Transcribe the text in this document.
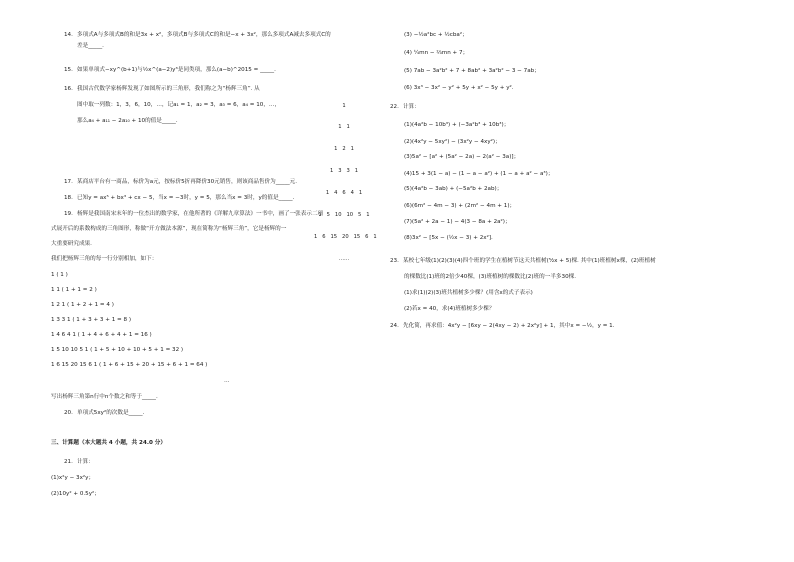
14. 多项式A与多项式B的和是3x + x²，多项式B与多项式C的和是−x + 3x²，那么多项式A减去多项式C的
差是_____.
15. 如果单项式−xy^(b+1)与½x^(a−2)y³是同类项，那么(a−b)^2015 = _____.
16. 我国古代数学家杨辉发现了如图所示的三角形，我们称之为“杨辉三角”. 从
图中取一列数：1，3，6，10，…，记a₁ = 1，a₂ = 3，a₃ = 6，a₄ = 10，…，
那么a₄ + a₁₁ − 2a₁₀ + 10的值是_____.

1

1   1

1   2   1

1   3   3   1

1   4   6   4   1

1   5   10   10   5   1

1   6   15   20   15   6   1

……

17. 某商店平台有一商品，标价为a元，按标价5折再降价30元销售，则该商品售价为_____元.
18. 已知y = ax⁵ + bx³ + cx − 5，当x = −3时，y = 5，那么当x = 3时，y的值是_____.
19. 杨辉是我国南宋末年的一位杰出的数学家，在他所著的《详解九章算法》一书中，画了一张表示二项
式展开后的系数构成的三角图形，称做“开方做法本源”，现在简称为“杨辉三角”，它是杨辉的一
大重要研究成果.
我们把杨辉三角的每一行分别相加，如下：
1 ( 1 )
1 1 ( 1 + 1 = 2 )
1 2 1 ( 1 + 2 + 1 = 4 )
1 3 3 1 ( 1 + 3 + 3 + 1 = 8 )
1 4 6 4 1 ( 1 + 4 + 6 + 4 + 1 = 16 )
1 5 10 10 5 1 ( 1 + 5 + 10 + 10 + 5 + 1 = 32 )
1 6 15 20 15 6 1 ( 1 + 6 + 15 + 20 + 15 + 6 + 1 = 64 )
…
写出杨辉三角第n行中n个数之和等于_____.
20. 单项式5xy²的次数是_____.
三、计算题（本大题共 4 小题，共 24.0 分）
21. 计算：
(1)x²y − 3x²y；
(2)10y² + 0.5y²；
(3) −½a²bc + ½cba²；
(4) ¼mn − ⅔mn + 7；
(5) 7ab − 3a²b² + 7 + 8ab² + 3a²b² − 3 − 7ab；
(6) 3x³ − 3x² − y² + 5y + x² − 5y + y².
22. 计算：
(1)(4a²b − 10b³) + (−3a²b³ + 10b³)；
(2)(4x²y − 5xy²) − (3x²y − 4xy²)；
(3)5a² − [a² + (5a² − 2a) − 2(a² − 3a)]；
(4)15 + 3(1 − a) − (1 − a − a²) + (1 − a + a² − a³)；
(5)(4a²b − 3ab) + (−5a²b + 2ab)；
(6)(6m² − 4m − 3) + (2m² − 4m + 1)；
(7)(5a² + 2a − 1) − 4(3 − 8a + 2a²)；
(8)3x² − [5x − (½x − 3) + 2x²].
23. 某校七年级(1)(2)(3)(4)四个班的学生在植树节这天共植树(⁵⁄₂x + 5)棵. 其中(1)班植树x棵，(2)班植树
的棵数比(1)班的2倍少40棵，(3)班植树的棵数比(2)班的一半多30棵.
(1)求(1)(2)(3)班共植树多少棵？(用含x的式子表示)
(2)若x = 40，求(4)班植树多少棵？
24. 先化简，再求值：4x²y − [6xy − 2(4xy − 2) + 2x²y] + 1，其中x = −½，y = 1.
